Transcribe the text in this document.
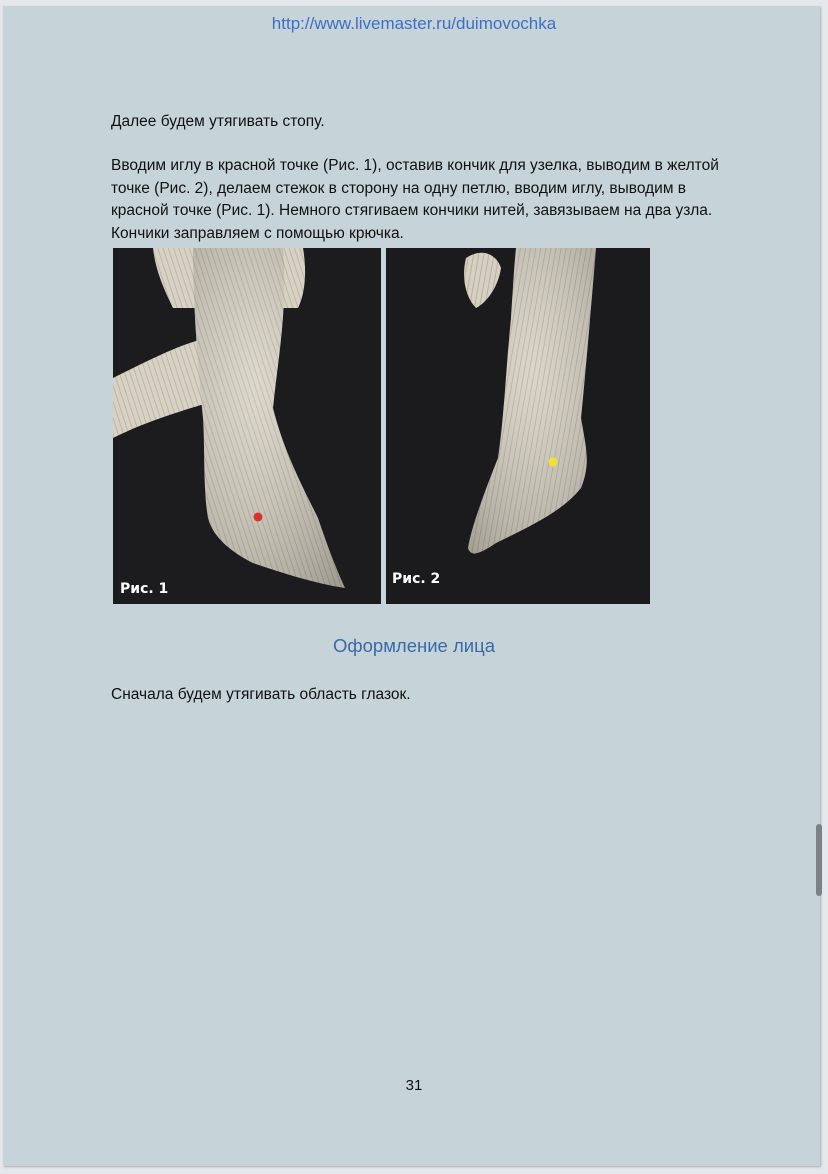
http://www.livemaster.ru/duimovochka

Далее будем утягивать стопу.

Вводим иглу в красной точке (Рис. 1), оставив кончик для узелка, выводим в желтой точке (Рис. 2), делаем стежок в сторону на одну петлю, вводим иглу, выводим в красной точке (Рис. 1). Немного стягиваем кончики нитей, завязываем на два узла. Кончики заправляем с помощью крючка.

Рис. 1
Рис. 2
Оформление лица

Сначала будем утягивать область глазок.

31
